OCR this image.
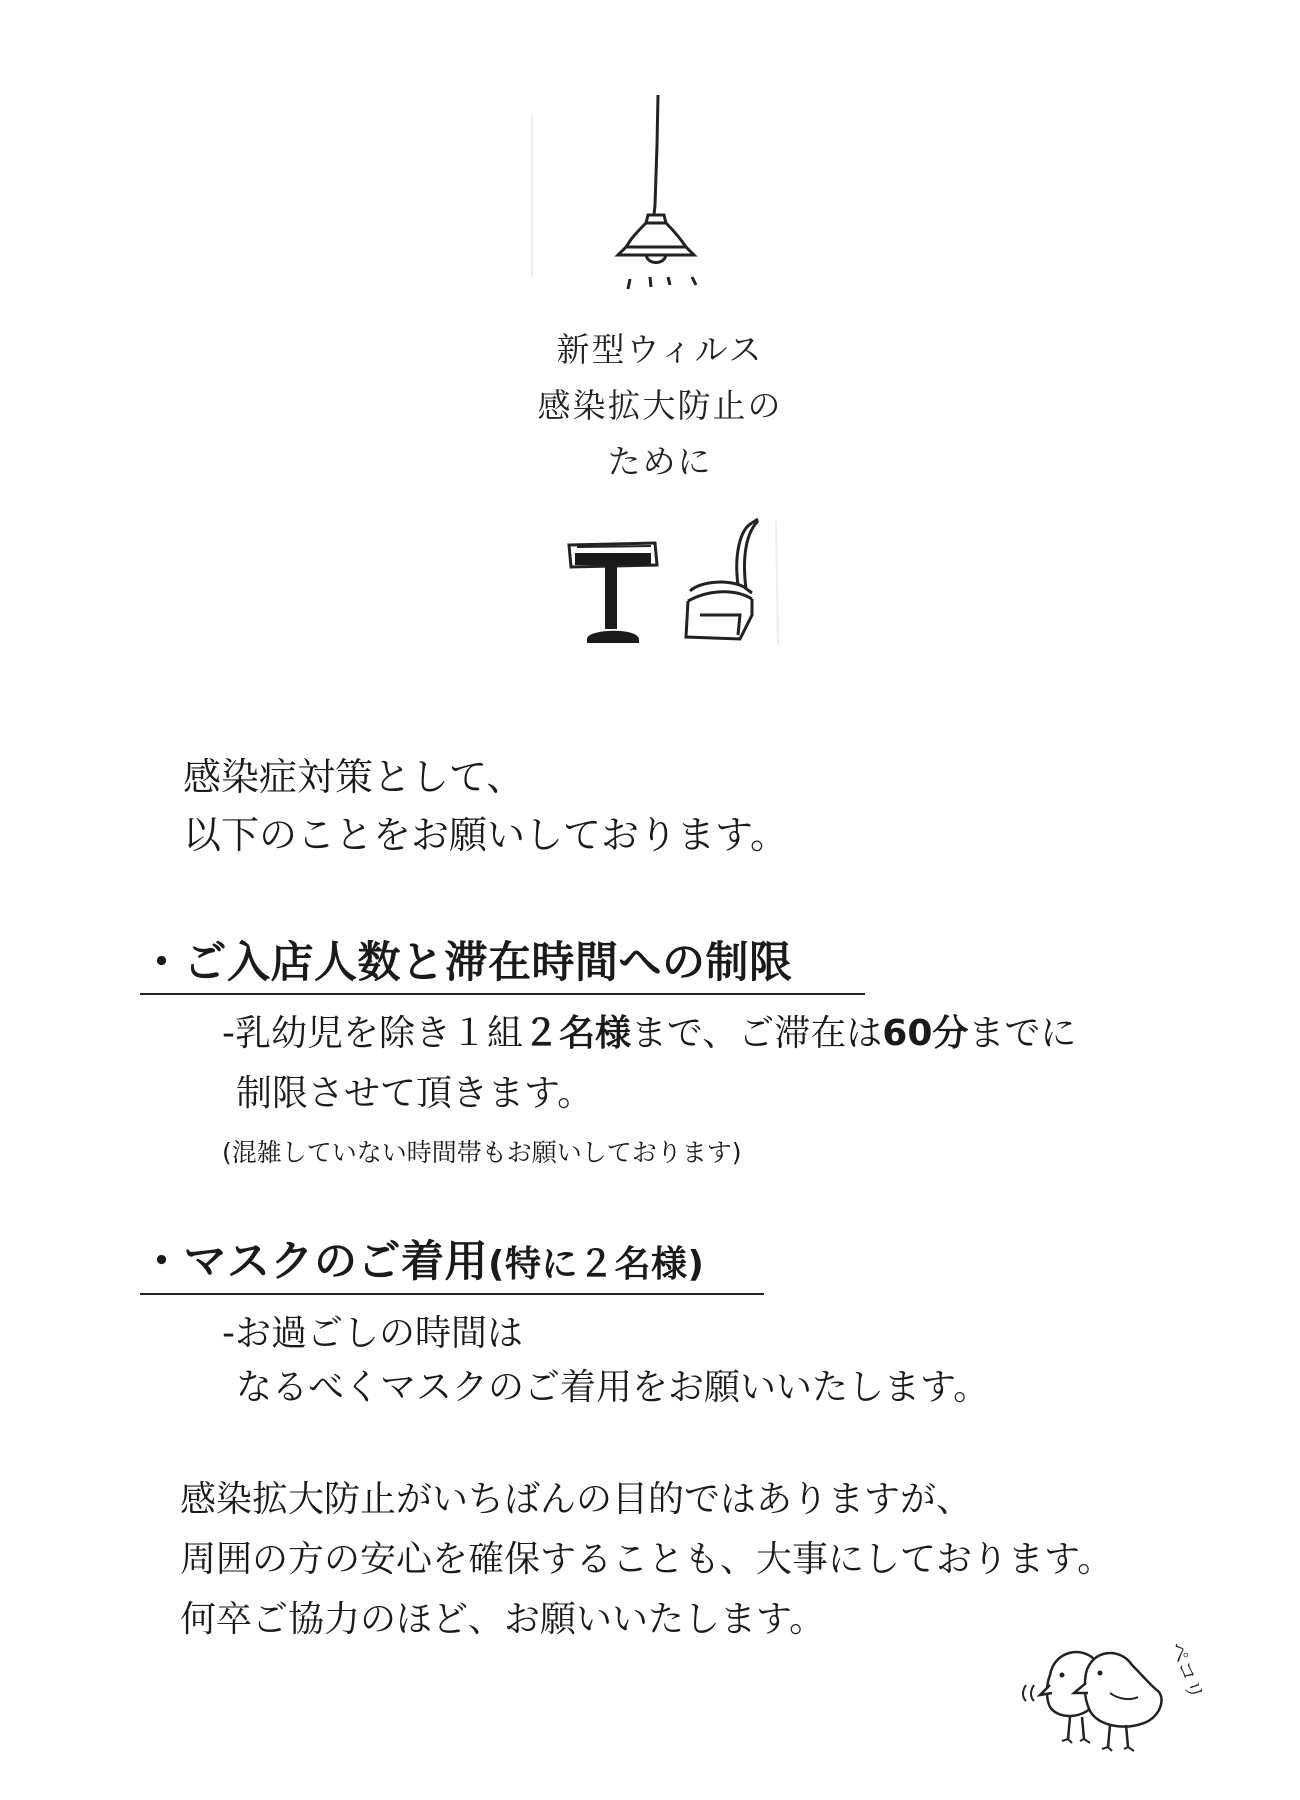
新型ウィルス
感染拡大防止の
ために
感染症対策として、
以下のことをお願いしております。
・ご入店人数と滞在時間への制限
-乳幼児を除き１組２名様まで、ご滞在は60分までに
制限させて頂きます。
(混雑していない時間帯もお願いしております)
・マスクのご着用(特に２名様)
-お過ごしの時間は
なるべくマスクのご着用をお願いいたします。
感染拡大防止がいちばんの目的ではありますが、
周囲の方の安心を確保することも、大事にしております。
何卒ご協力のほど、お願いいたします。
ペコリ
